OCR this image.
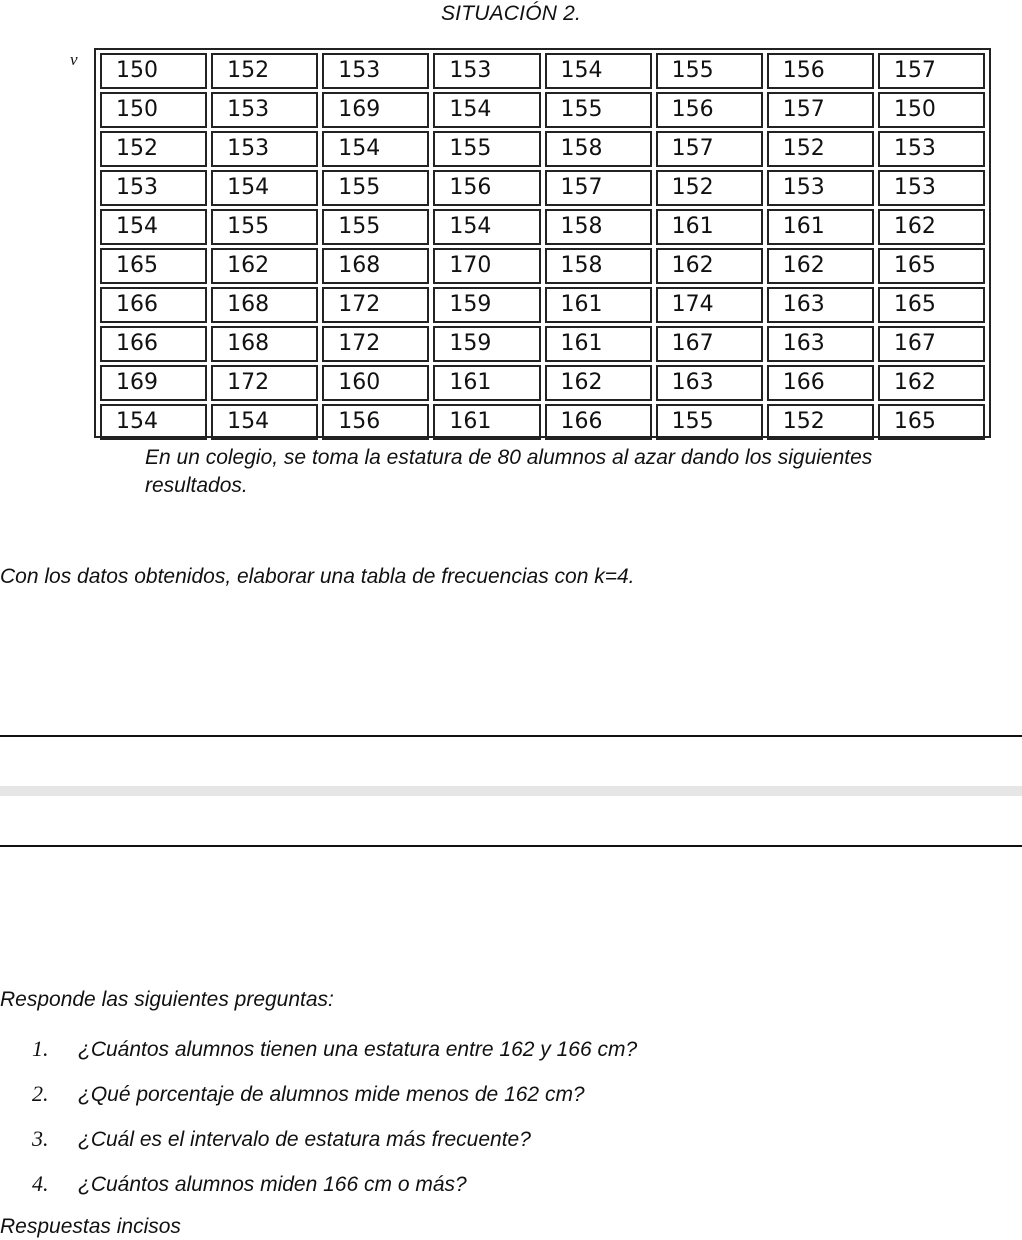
SITUACIÓN 2.
v 150	152	153	153	154	155	156	157
150	153	169	154	155	156	157	150
152	153	154	155	158	157	152	153
153	154	155	156	157	152	153	153
154	155	155	154	158	161	161	162
165	162	168	170	158	162	162	165
166	168	172	159	161	174	163	165
166	168	172	159	161	167	163	167
169	172	160	161	162	163	166	162
154	154	156	161	166	155	152	165
En un colegio, se toma la estatura de 80 alumnos al azar dando los siguientes resultados.
Con los datos obtenidos, elaborar una tabla de frecuencias con k=4.
Responde las siguientes preguntas:
1. ¿Cuántos alumnos tienen una estatura entre 162 y 166 cm?
2. ¿Qué porcentaje de alumnos mide menos de 162 cm?
3. ¿Cuál es el intervalo de estatura más frecuente?
4. ¿Cuántos alumnos miden 166 cm o más?
Respuestas incisos
